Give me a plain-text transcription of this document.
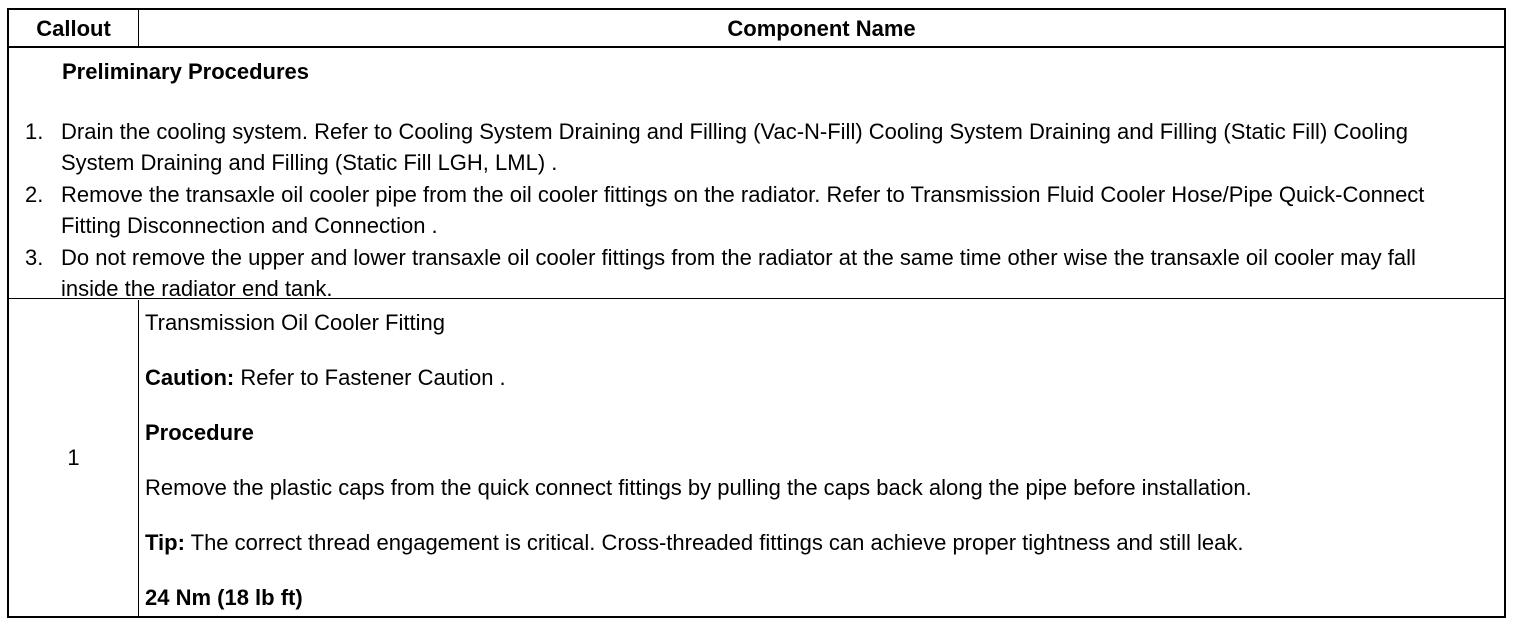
Callout	Component Name
Preliminary Procedures
1. Drain the cooling system. Refer to Cooling System Draining and Filling (Vac-N-Fill) Cooling System Draining and Filling (Static Fill) Cooling System Draining and Filling (Static Fill LGH, LML) .
2. Remove the transaxle oil cooler pipe from the oil cooler fittings on the radiator. Refer to Transmission Fluid Cooler Hose/Pipe Quick-Connect Fitting Disconnection and Connection .
3. Do not remove the upper and lower transaxle oil cooler fittings from the radiator at the same time other wise the transaxle oil cooler may fall inside the radiator end tank.
1
Transmission Oil Cooler Fitting
Caution: Refer to Fastener Caution .
Procedure
Remove the plastic caps from the quick connect fittings by pulling the caps back along the pipe before installation.
Tip: The correct thread engagement is critical. Cross-threaded fittings can achieve proper tightness and still leak.
24 Nm (18 lb ft)
